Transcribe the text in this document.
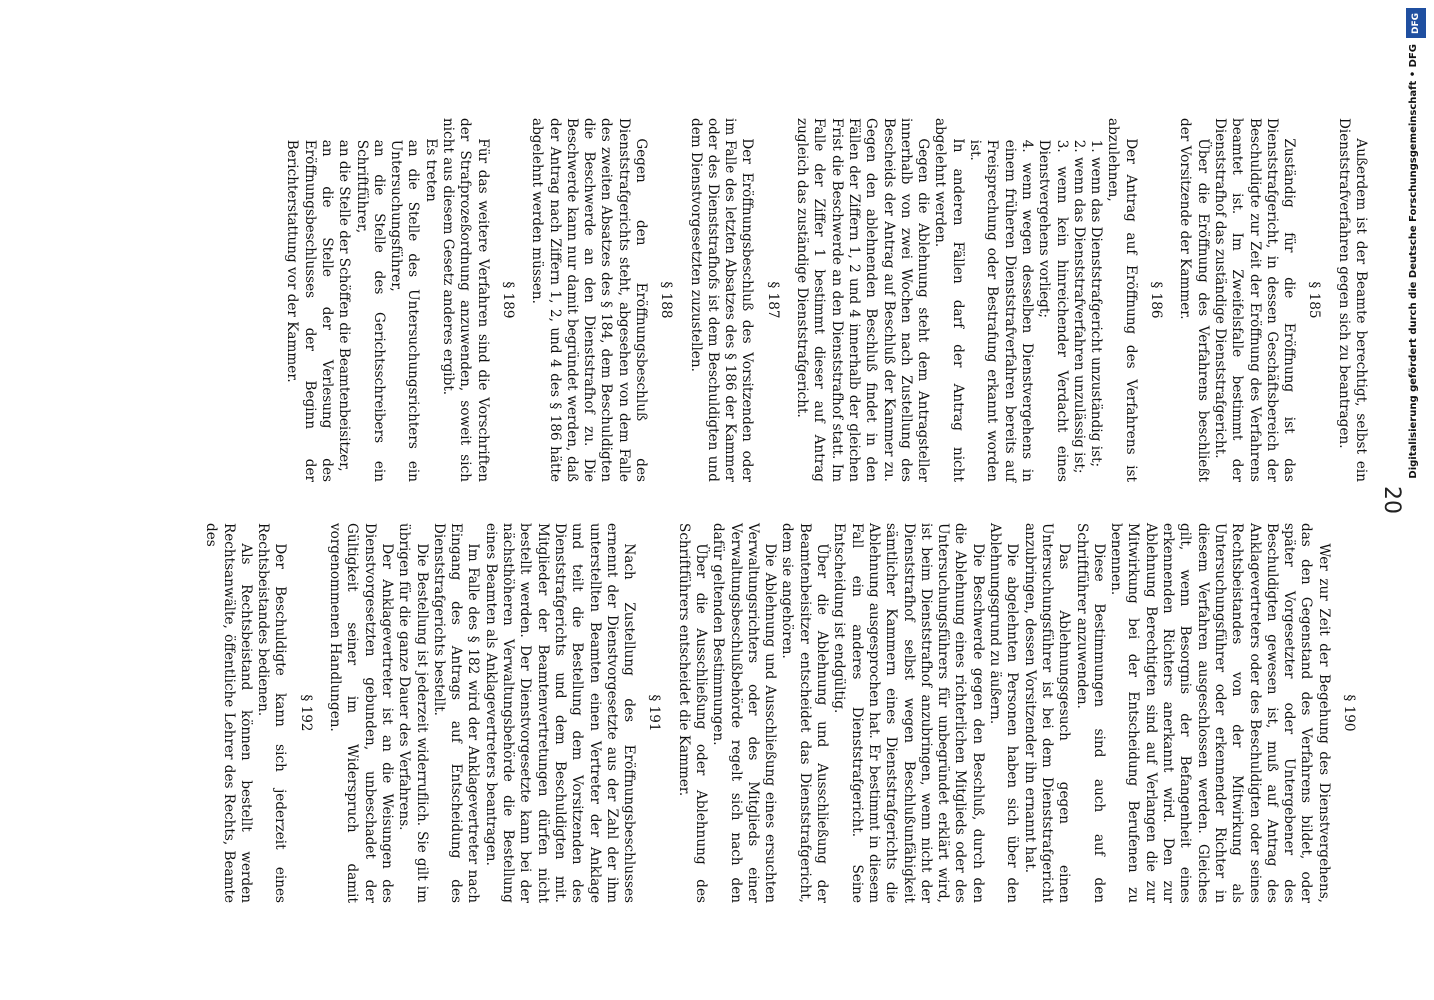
20

Außerdem ist der Beamte berechtigt, selbst ein Dienststrafverfahren gegen sich zu beantragen.

§ 185

Zuständig für die Eröffnung ist das Dienststrafgericht, in dessen Geschäftsbereich der Beschuldigte zur Zeit der Eröffnung des Verfahrens beamtet ist. Im Zweifelsfalle bestimmt der Dienststrafhof das zuständige Dienststrafgericht.

Über die Eröffnung des Verfahrens beschließt der Vorsitzende der Kammer.

§ 186

Der Antrag auf Eröffnung des Verfahrens ist abzulehnen,

1. wenn das Dienststrafgericht unzuständig ist;

2. wenn das Dienststrafverfahren unzulässig ist;

3. wenn kein hinreichender Verdacht eines Dienstvergehens vorliegt;

4. wenn wegen desselben Dienstvergehens in einem früheren Dienststrafverfahren bereits auf Freisprechung oder Bestrafung erkannt worden ist.

In anderen Fällen darf der Antrag nicht abgelehnt werden.

Gegen die Ablehnung steht dem Antragsteller innerhalb von zwei Wochen nach Zustellung des Bescheids der Antrag auf Beschluß der Kammer zu. Gegen den ablehnenden Beschluß findet in den Fällen der Ziffern 1, 2 und 4 innerhalb der gleichen Frist die Beschwerde an den Dienststrafhof statt. Im Falle der Ziffer 1 bestimmt dieser auf Antrag zugleich das zuständige Dienststrafgericht.

§ 187

Der Eröffnungsbeschluß des Vorsitzenden oder im Falle des letzten Absatzes des § 186 der Kammer oder des Dienststrafhofs ist dem Beschuldigten und dem Dienstvorgesetzten zuzustellen.

§ 188

Gegen den Eröffnungsbeschluß des Dienststrafgerichts steht, abgesehen von dem Falle des zweiten Absatzes des § 184, dem Beschuldigten die Beschwerde an den Dienststrafhof zu. Die Beschwerde kann nur damit begründet werden, daß der Antrag nach Ziffern 1, 2, und 4 des § 186 hätte abgelehnt werden müssen.

§ 189

Für das weitere Verfahren sind die Vorschriften der Strafprozeßordnung anzuwenden, soweit sich nicht aus diesem Gesetz anderes ergibt.

Es treten

an die Stelle des Untersuchungsrichters ein Untersuchungsführer,

an die Stelle des Gerichtsschreibers ein Schriftführer,

an die Stelle der Schöffen die Beamtenbeisitzer,

an die Stelle der Verlesung des Eröffnungsbeschlusses der Beginn der Berichterstattung vor der Kammer.

§ 190

Wer zur Zeit der Begehung des Dienstvergehens, das den Gegenstand des Verfahrens bildet, oder später Vorgesetzter oder Untergebener des Beschuldigten gewesen ist, muß auf Antrag des Anklagevertreters oder des Beschuldigten oder seines Rechtsbeistandes von der Mitwirkung als Untersuchungsführer oder erkennender Richter in diesem Verfahren ausgeschlossen werden. Gleiches gilt, wenn Besorgnis der Befangenheit eines erkennenden Richters anerkannt wird. Den zur Ablehnung Berechtigten sind auf Verlangen die zur Mitwirkung bei der Entscheidung Berufenen zu benennen.

Diese Bestimmungen sind auch auf den Schriftführer anzuwenden.

Das Ablehnungsgesuch gegen einen Untersuchungsführer ist bei dem Dienststrafgericht anzubringen, dessen Vorsitzender ihn ernannt hat.

Die abgelehnten Personen haben sich über den Ablehnungsgrund zu äußern.

Die Beschwerde gegen den Beschluß, durch den die Ablehnung eines richterlichen Mitglieds oder des Untersuchungsführers für unbegründet erklärt wird, ist beim Dienststrafhof anzubringen, wenn nicht der Dienststrafhof selbst wegen Beschlußunfähigkeit sämtlicher Kammern eines Dienststrafgerichts die Ablehnung ausgesprochen hat. Er bestimmt in diesem Fall ein anderes Dienststrafgericht. Seine Entscheidung ist endgültig.

Über die Ablehnung und Ausschließung der Beamtenbeisitzer entscheidet das Dienststrafgericht, dem sie angehören.

Die Ablehnung und Ausschließung eines ersuchten Verwaltungsrichters oder des Mitglieds einer Verwaltungsbeschlußbehörde regelt sich nach den dafür geltenden Bestimmungen.

Über die Ausschließung oder Ablehnung des Schriftführers entscheidet die Kammer.

§ 191

Nach Zustellung des Eröffnungsbeschlusses ernennt der Dienstvorgesetzte aus der Zahl der ihm unterstellten Beamten einen Vertreter der Anklage und teilt die Bestellung dem Vorsitzenden des Dienststrafgerichts und dem Beschuldigten mit. Mitglieder der Beamtenvertretungen dürfen nicht bestellt werden. Der Dienstvorgesetzte kann bei der nächsthöheren Verwaltungsbehörde die Bestellung eines Beamten als Anklagevertreters beantragen.

Im Falle des § 182 wird der Anklagevertreter nach Eingang des Antrags auf Entscheidung des Dienststrafgerichts bestellt.

Die Bestellung ist jederzeit widerruflich. Sie gilt im übrigen für die ganze Dauer des Verfahrens.

Der Anklagevertreter ist an die Weisungen des Dienstvorgesetzten gebunden, unbeschadet der Gültigkeit seiner im Widerspruch damit vorgenommenen Handlungen.

§ 192

Der Beschuldigte kann sich jederzeit eines Rechtsbeistandes bedienen.

Als Rechtsbeistand können bestellt werden Rechtsanwälte, öffentliche Lehrer des Rechts, Beamte des

DFG
Digitalisierung gefördert durch die Deutsche Forschungsgemeinschaft • DFG
